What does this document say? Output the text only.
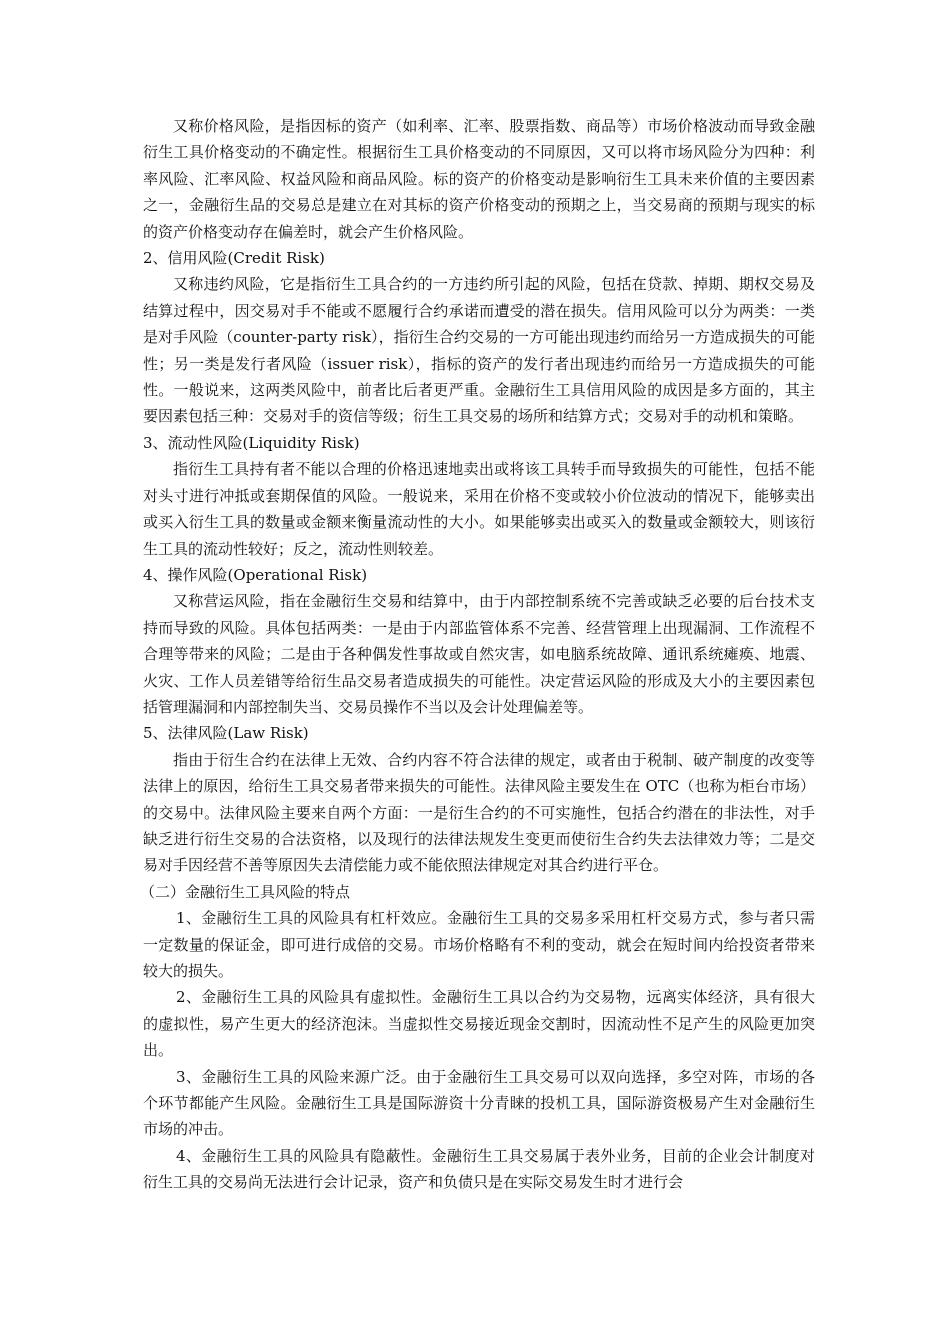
又称价格风险，是指因标的资产（如利率、汇率、股票指数、商品等）市场价格波动而导致金融衍生工具价格变动的不确定性。根据衍生工具价格变动的不同原因，又可以将市场风险分为四种：利率风险、汇率风险、权益风险和商品风险。标的资产的价格变动是影响衍生工具未来价值的主要因素之一，金融衍生品的交易总是建立在对其标的资产价格变动的预期之上，当交易商的预期与现实的标的资产价格变动存在偏差时，就会产生价格风险。

2、信用风险(Credit Risk)

又称违约风险，它是指衍生工具合约的一方违约所引起的风险，包括在贷款、掉期、期权交易及结算过程中，因交易对手不能或不愿履行合约承诺而遭受的潜在损失。信用风险可以分为两类：一类是对手风险（counter-party risk），指衍生合约交易的一方可能出现违约而给另一方造成损失的可能性；另一类是发行者风险（issuer risk），指标的资产的发行者出现违约而给另一方造成损失的可能性。一般说来，这两类风险中，前者比后者更严重。金融衍生工具信用风险的成因是多方面的，其主要因素包括三种：交易对手的资信等级；衍生工具交易的场所和结算方式；交易对手的动机和策略。

3、流动性风险(Liquidity Risk)

指衍生工具持有者不能以合理的价格迅速地卖出或将该工具转手而导致损失的可能性，包括不能对头寸进行冲抵或套期保值的风险。一般说来，采用在价格不变或较小价位波动的情况下，能够卖出或买入衍生工具的数量或金额来衡量流动性的大小。如果能够卖出或买入的数量或金额较大，则该衍生工具的流动性较好；反之，流动性则较差。

4、操作风险(Operational Risk)

又称营运风险，指在金融衍生交易和结算中，由于内部控制系统不完善或缺乏必要的后台技术支持而导致的风险。具体包括两类：一是由于内部监管体系不完善、经营管理上出现漏洞、工作流程不合理等带来的风险；二是由于各种偶发性事故或自然灾害，如电脑系统故障、通讯系统瘫痪、地震、火灾、工作人员差错等给衍生品交易者造成损失的可能性。决定营运风险的形成及大小的主要因素包括管理漏洞和内部控制失当、交易员操作不当以及会计处理偏差等。

5、法律风险(Law Risk)

指由于衍生合约在法律上无效、合约内容不符合法律的规定，或者由于税制、破产制度的改变等法律上的原因，给衍生工具交易者带来损失的可能性。法律风险主要发生在 OTC（也称为柜台市场）的交易中。法律风险主要来自两个方面：一是衍生合约的不可实施性，包括合约潜在的非法性，对手缺乏进行衍生交易的合法资格，以及现行的法律法规发生变更而使衍生合约失去法律效力等；二是交易对手因经营不善等原因失去清偿能力或不能依照法律规定对其合约进行平仓。

（二）金融衍生工具风险的特点

1、金融衍生工具的风险具有杠杆效应。金融衍生工具的交易多采用杠杆交易方式，参与者只需一定数量的保证金，即可进行成倍的交易。市场价格略有不利的变动，就会在短时间内给投资者带来较大的损失。

2、金融衍生工具的风险具有虚拟性。金融衍生工具以合约为交易物，远离实体经济，具有很大的虚拟性，易产生更大的经济泡沫。当虚拟性交易接近现金交割时，因流动性不足产生的风险更加突出。

3、金融衍生工具的风险来源广泛。由于金融衍生工具交易可以双向选择，多空对阵，市场的各个环节都能产生风险。金融衍生工具是国际游资十分青睐的投机工具，国际游资极易产生对金融衍生市场的冲击。

4、金融衍生工具的风险具有隐蔽性。金融衍生工具交易属于表外业务，目前的企业会计制度对衍生工具的交易尚无法进行会计记录，资产和负债只是在实际交易发生时才进行会
